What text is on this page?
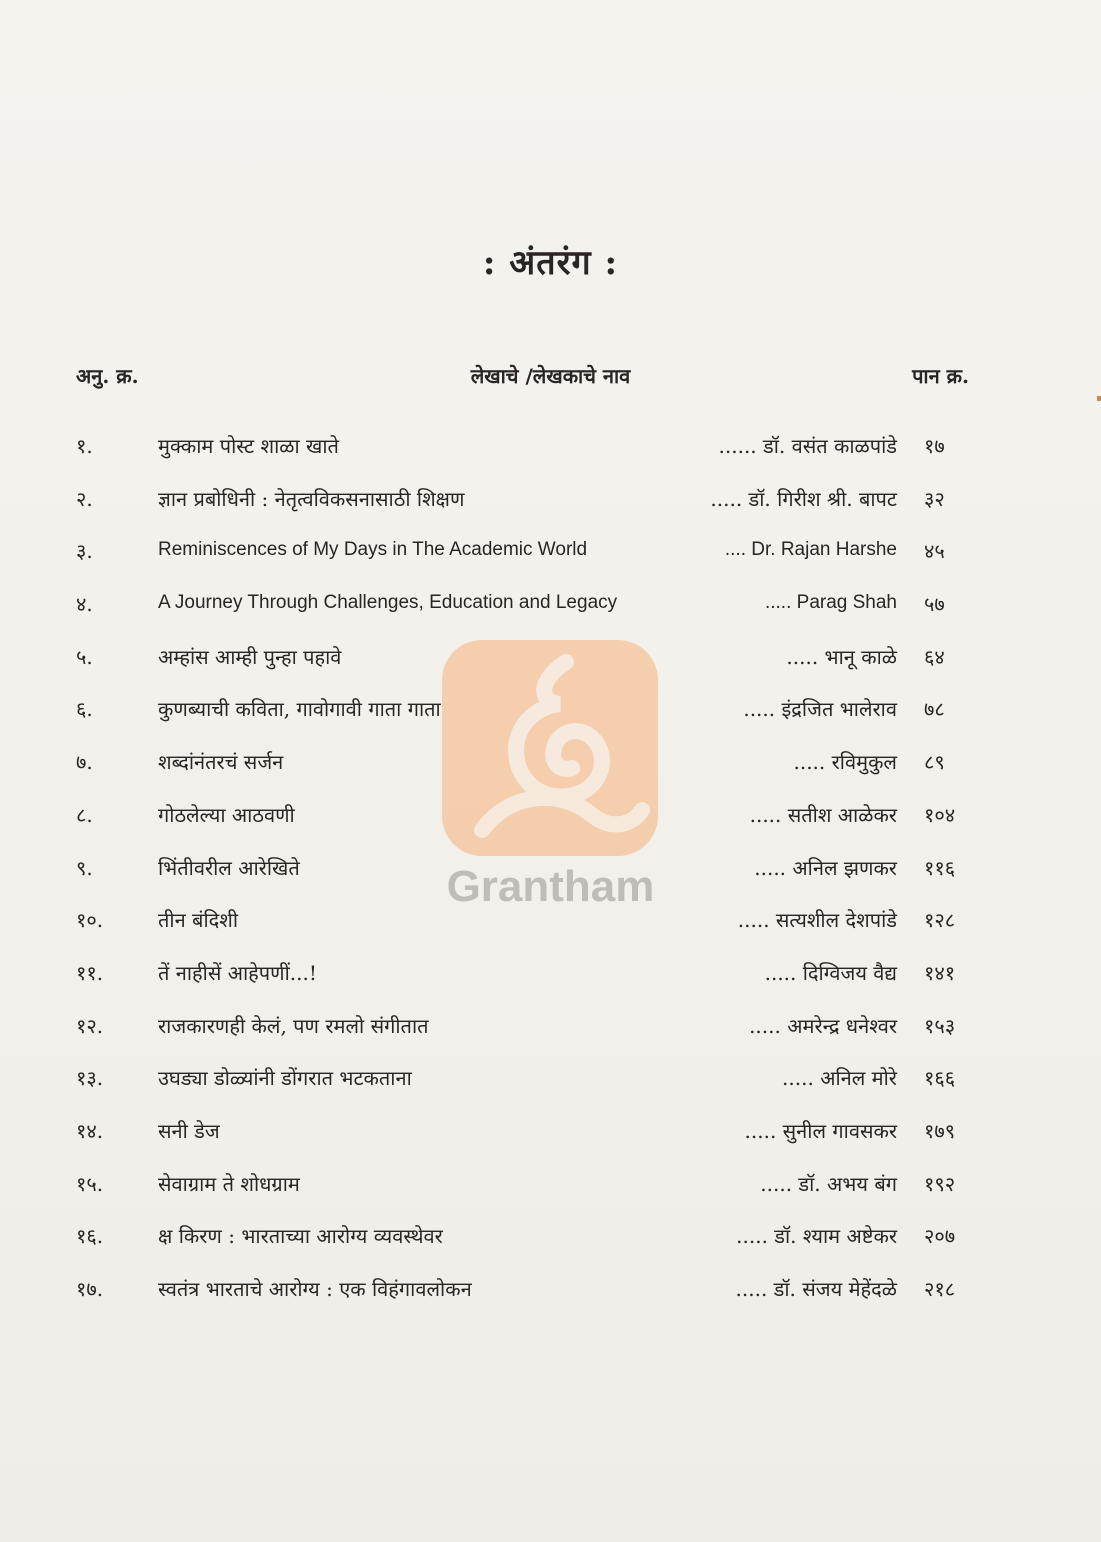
: अंतरंग :
अनु. क्र.	लेखाचे /लेखकाचे नाव	पान क्र.
१.	मुक्काम पोस्ट शाळा खाते	...... डॉ. वसंत काळपांडे १७
२.	ज्ञान प्रबोधिनी : नेतृत्वविकसनासाठी शिक्षण	..... डॉ. गिरीश श्री. बापट ३२
३.	Reminiscences of My Days in The Academic World	.... Dr. Rajan Harshe ४५
४.	A Journey Through Challenges, Education and Legacy	..... Parag Shah ५७
५.	अम्हांस आम्ही पुन्हा पहावे	..... भानू काळे ६४
६.	कुणब्याची कविता, गावोगावी गाता गाता	..... इंद्रजित भालेराव ७८
७.	शब्दांनंतरचं सर्जन	..... रविमुकुल ८९
८.	गोठलेल्या आठवणी	..... सतीश आळेकर १०४
९.	भिंतीवरील आरेखिते	..... अनिल झणकर ११६
१०.	तीन बंदिशी	..... सत्यशील देशपांडे १२८
११.	तें नाहीसें आहेपणीं...!	..... दिग्विजय वैद्य १४१
१२.	राजकारणही केलं, पण रमलो संगीतात	..... अमरेन्द्र धनेश्वर १५३
१३.	उघड्या डोळ्यांनी डोंगरात भटकताना	..... अनिल मोरे १६६
१४.	सनी डेज	..... सुनील गावसकर १७९
१५.	सेवाग्राम ते शोधग्राम	..... डॉ. अभय बंग १९२
१६.	क्ष किरण : भारताच्या आरोग्य व्यवस्थेवर	..... डॉ. श्याम अष्टेकर २०७
१७.	स्वतंत्र भारताचे आरोग्य : एक विहंगावलोकन	..... डॉ. संजय मेहेंदळे २१८
Grantham
